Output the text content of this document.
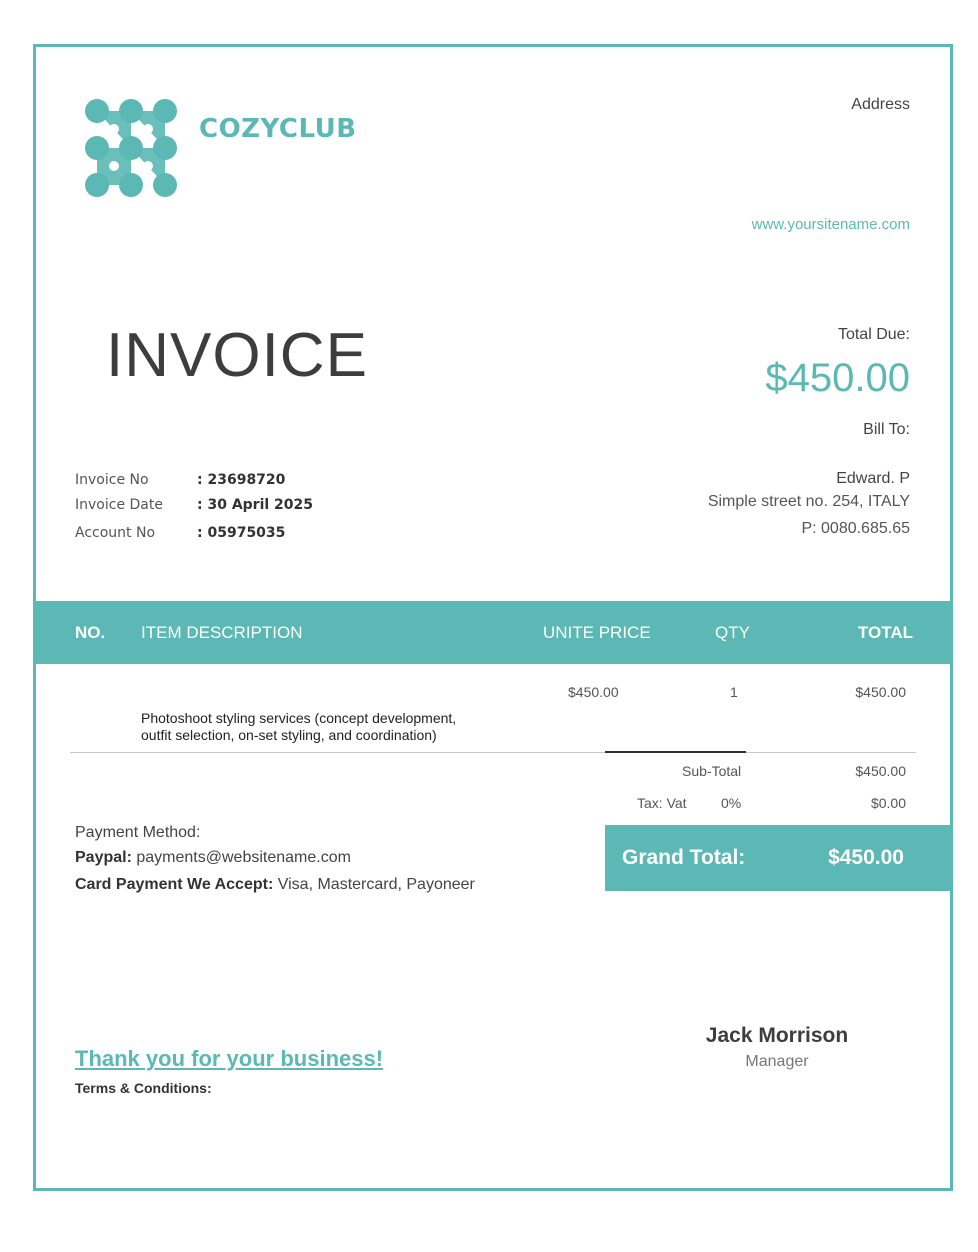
COZYCLUB
Address
www.yoursitename.com
INVOICE	Total Due:
$450.00
Bill To:
Edward. P
Simple street no. 254, ITALY
P: 0080.685.65
Invoice No	: 23698720
Invoice Date : 30 April 2025
Account No	: 05975035
NO. ITEM DESCRIPTION	UNITE PRICE	QTY	TOTAL
$450.00	1	$450.00
Photoshoot styling services (concept development, outfit selection, on-set styling, and coordination)
Sub-Total	$450.00
Tax: Vat 0%	$0.00
Grand Total:	$450.00
Payment Method:
Paypal: payments@websitename.com
Card Payment We Accept: Visa, Mastercard, Payoneer
Thank you for your business!
Terms & Conditions:
Jack Morrison
Manager
